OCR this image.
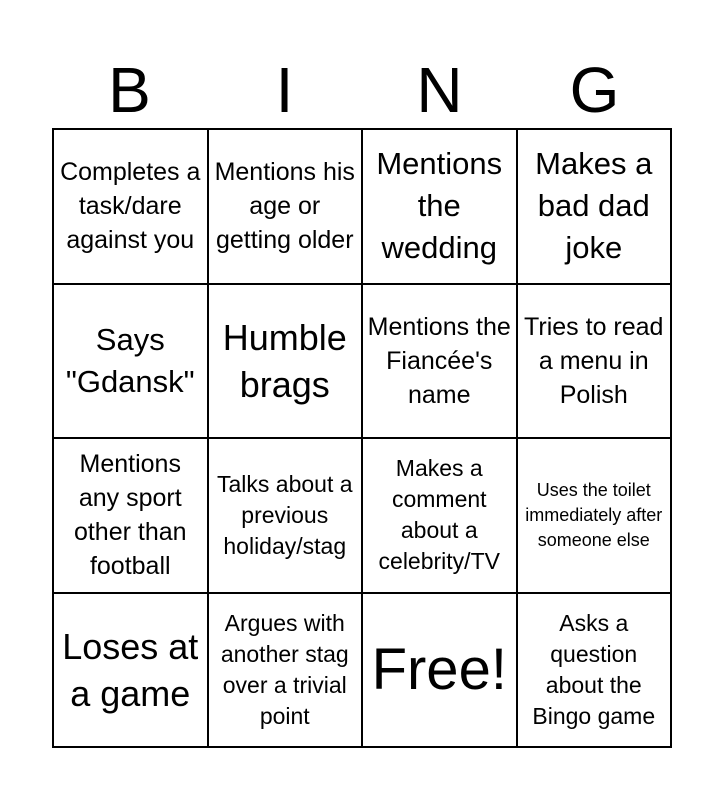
B	I	N	G
Completes a task/dare against you
Mentions his age or getting older
Mentions the wedding
Makes a bad dad joke
Says "Gdansk"
Humble brags
Mentions the Fiancée's name
Tries to read a menu in Polish
Mentions any sport other than football
Talks about a previous holiday/stag
Makes a comment about a celebrity/TV
Uses the toilet immediately after someone else
Loses at a game
Argues with another stag over a trivial point
Free!
Asks a question about the Bingo game
